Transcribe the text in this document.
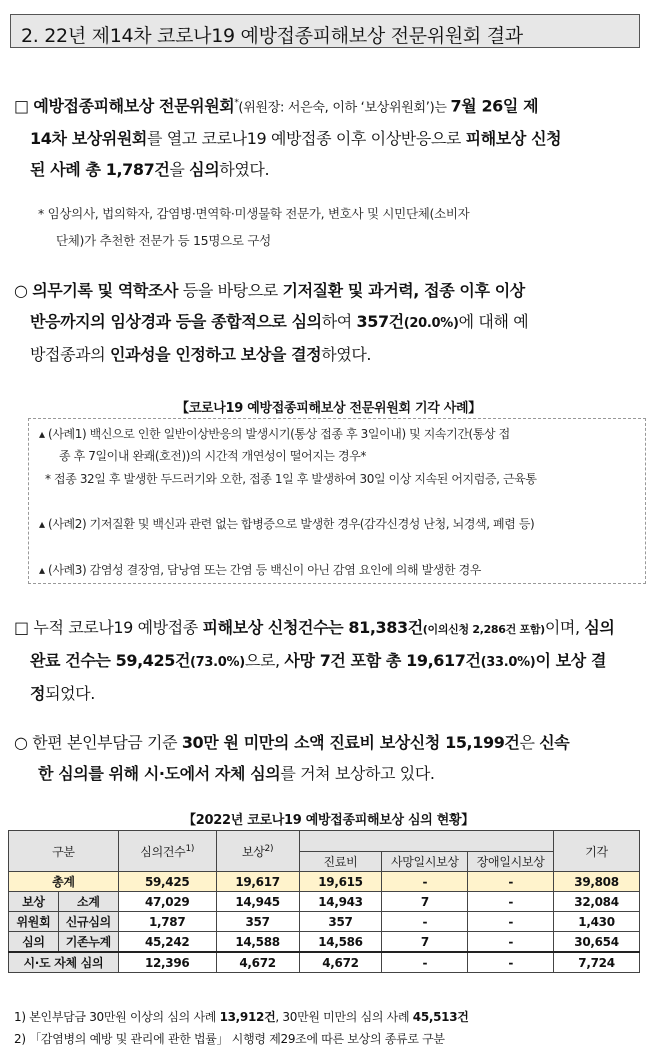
2. 22년 제14차 코로나19 예방접종피해보상 전문위원회 결과
□ 예방접종피해보상 전문위원회*(위원장: 서은숙, 이하 ‘보상위원회’)는 7월 26일 제
14차 보상위원회를 열고 코로나19 예방접종 이후 이상반응으로 피해보상 신청
된 사례 총 1,787건을 심의하였다.
* 임상의사, 법의학자, 감염병·면역학·미생물학 전문가, 변호사 및 시민단체(소비자
단체)가 추천한 전문가 등 15명으로 구성
○ 의무기록 및 역학조사 등을 바탕으로 기저질환 및 과거력, 접종 이후 이상
반응까지의 임상경과 등을 종합적으로 심의하여 357건(20.0%)에 대해 예
방접종과의 인과성을 인정하고 보상을 결정하였다.
【코로나19 예방접종피해보상 전문위원회 기각 사례】
▴ (사례1) 백신으로 인한 일반이상반응의 발생시기(통상 접종 후 3일이내) 및 지속기간(통상 접
종 후 7일이내 완쾌(호전))의 시간적 개연성이 떨어지는 경우*
* 접종 32일 후 발생한 두드러기와 오한, 접종 1일 후 발생하여 30일 이상 지속된 어지럼증, 근육통
▴ (사례2) 기저질환 및 백신과 관련 없는 합병증으로 발생한 경우(감각신경성 난청, 뇌경색, 폐렴 등)
▴ (사례3) 감염성 결장염, 담낭염 또는 간염 등 백신이 아닌 감염 요인에 의해 발생한 경우
□ 누적 코로나19 예방접종 피해보상 신청건수는 81,383건(이의신청 2,286건 포함)이며, 심의
완료 건수는 59,425건(73.0%)으로, 사망 7건 포함 총 19,617건(33.0%)이 보상 결
정되었다.
○ 한편 본인부담금 기준 30만 원 미만의 소액 진료비 보상신청 15,199건은 신속
한 심의를 위해 시·도에서 자체 심의를 거쳐 보상하고 있다.
【2022년 코로나19 예방접종피해보상 심의 현황】
구분		심의건수$^{1)}$	보상$^{2)}$				기각
				진료비	사망일시보상	장애일시보상	
총계		59,425	19,617	19,615	-	-	39,808
보상	소계	47,029	14,945	14,943	7	-	32,084
위원회	신규심의	1,787	357	357	-	-	1,430
심의	기존누계	45,242	14,588	14,586	7	-	30,654
시·도 자체 심의		12,396	4,672	4,672	-	-	7,724
1) 본인부담금 30만원 이상의 심의 사례 13,912건, 30만원 미만의 심의 사례 45,513건
2) 「감염병의 예방 및 관리에 관한 법률」 시행령 제29조에 따른 보상의 종류로 구분
